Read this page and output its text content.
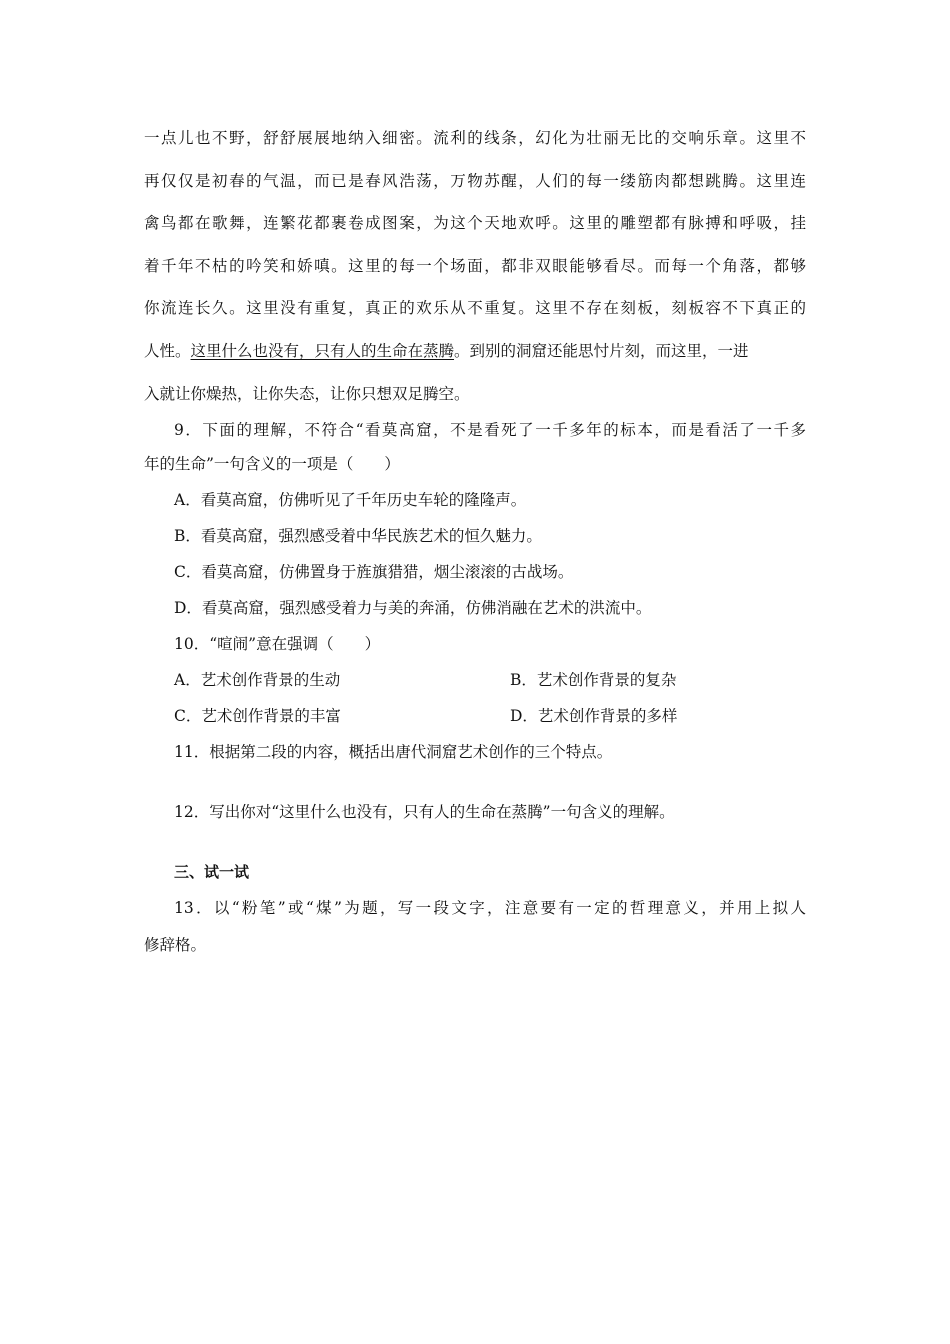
一点儿也不野，舒舒展展地纳入细密。流利的线条，幻化为壮丽无比的交响乐章。这里不
再仅仅是初春的气温，而已是春风浩荡，万物苏醒，人们的每一缕筋肉都想跳腾。这里连
禽鸟都在歌舞，连繁花都裹卷成图案，为这个天地欢呼。这里的雕塑都有脉搏和呼吸，挂
着千年不枯的吟笑和娇嗔。这里的每一个场面，都非双眼能够看尽。而每一个角落，都够
你流连长久。这里没有重复，真正的欢乐从不重复。这里不存在刻板，刻板容不下真正的
人性。这里什么也没有，只有人的生命在蒸腾。到别的洞窟还能思忖片刻，而这里，一进
入就让你燥热，让你失态，让你只想双足腾空。
9．下面的理解，不符合“看莫高窟，不是看死了一千多年的标本，而是看活了一千多
年的生命”一句含义的一项是（　　）
A．看莫高窟，仿佛听见了千年历史车轮的隆隆声。
B．看莫高窟，强烈感受着中华民族艺术的恒久魅力。
C．看莫高窟，仿佛置身于旌旗猎猎，烟尘滚滚的古战场。
D．看莫高窟，强烈感受着力与美的奔涌，仿佛消融在艺术的洪流中。
10．“喧闹”意在强调（　　）
A．艺术创作背景的生动	B．艺术创作背景的复杂
C．艺术创作背景的丰富	D．艺术创作背景的多样
11．根据第二段的内容，概括出唐代洞窟艺术创作的三个特点。
12．写出你对“这里什么也没有，只有人的生命在蒸腾”一句含义的理解。
三、试一试
13．以“粉笔”或“煤”为题，写一段文字，注意要有一定的哲理意义，并用上拟人
修辞格。
